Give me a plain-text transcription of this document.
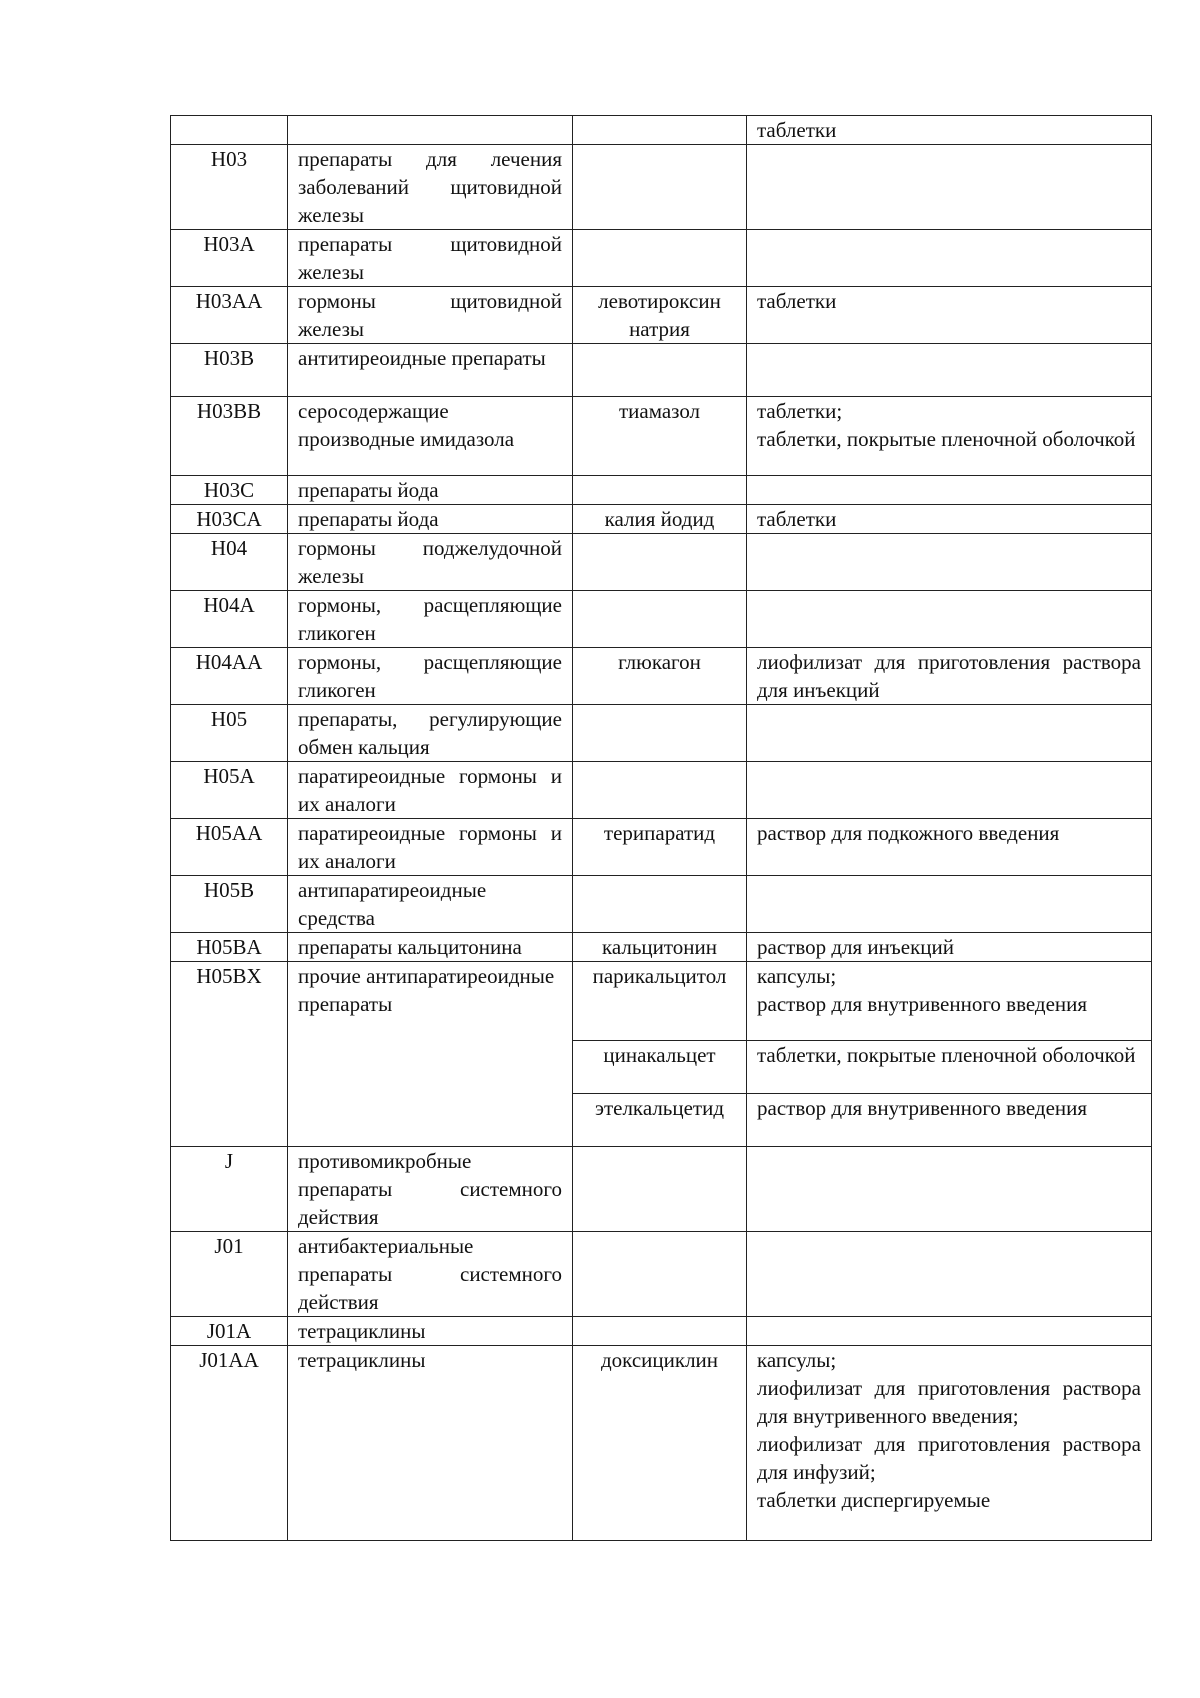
			таблетки
H03	препараты для лечения заболеваний щитовидной железы		
H03A	препараты щитовидной железы		
H03AA	гормоны щитовидной железы	левотироксин натрия	таблетки
H03B	антитиреоидные препараты		
H03BB	серосодержащие производные имидазола	тиамазол	таблетки;
таблетки, покрытые пленочной оболочкой
H03C	препараты йода		
H03CA	препараты йода	калия йодид	таблетки
H04	гормоны поджелудочной железы		
H04A	гормоны, расщепляющие гликоген		
H04AA	гормоны, расщепляющие гликоген	глюкагон	лиофилизат для приготовления раствора для инъекций
H05	препараты, регулирующие обмен кальция		
H05A	паратиреоидные гормоны и их аналоги		
H05AA	паратиреоидные гормоны и их аналоги	терипаратид	раствор для подкожного введения
H05B	антипаратиреоидные средства		
H05BA	препараты кальцитонина	кальцитонин	раствор для инъекций
H05BX	прочие антипаратиреоидные препараты	парикальцитол	капсулы;
раствор для внутривенного введения
		цинакальцет	таблетки, покрытые пленочной оболочкой
		этелкальцетид	раствор для внутривенного введения
J	противомикробные препараты системного действия		
J01	антибактериальные препараты системного действия		
J01A	тетрациклины		
J01AA	тетрациклины	доксициклин	капсулы;
лиофилизат для приготовления раствора для внутривенного введения;
лиофилизат для приготовления раствора для инфузий;
таблетки диспергируемые
